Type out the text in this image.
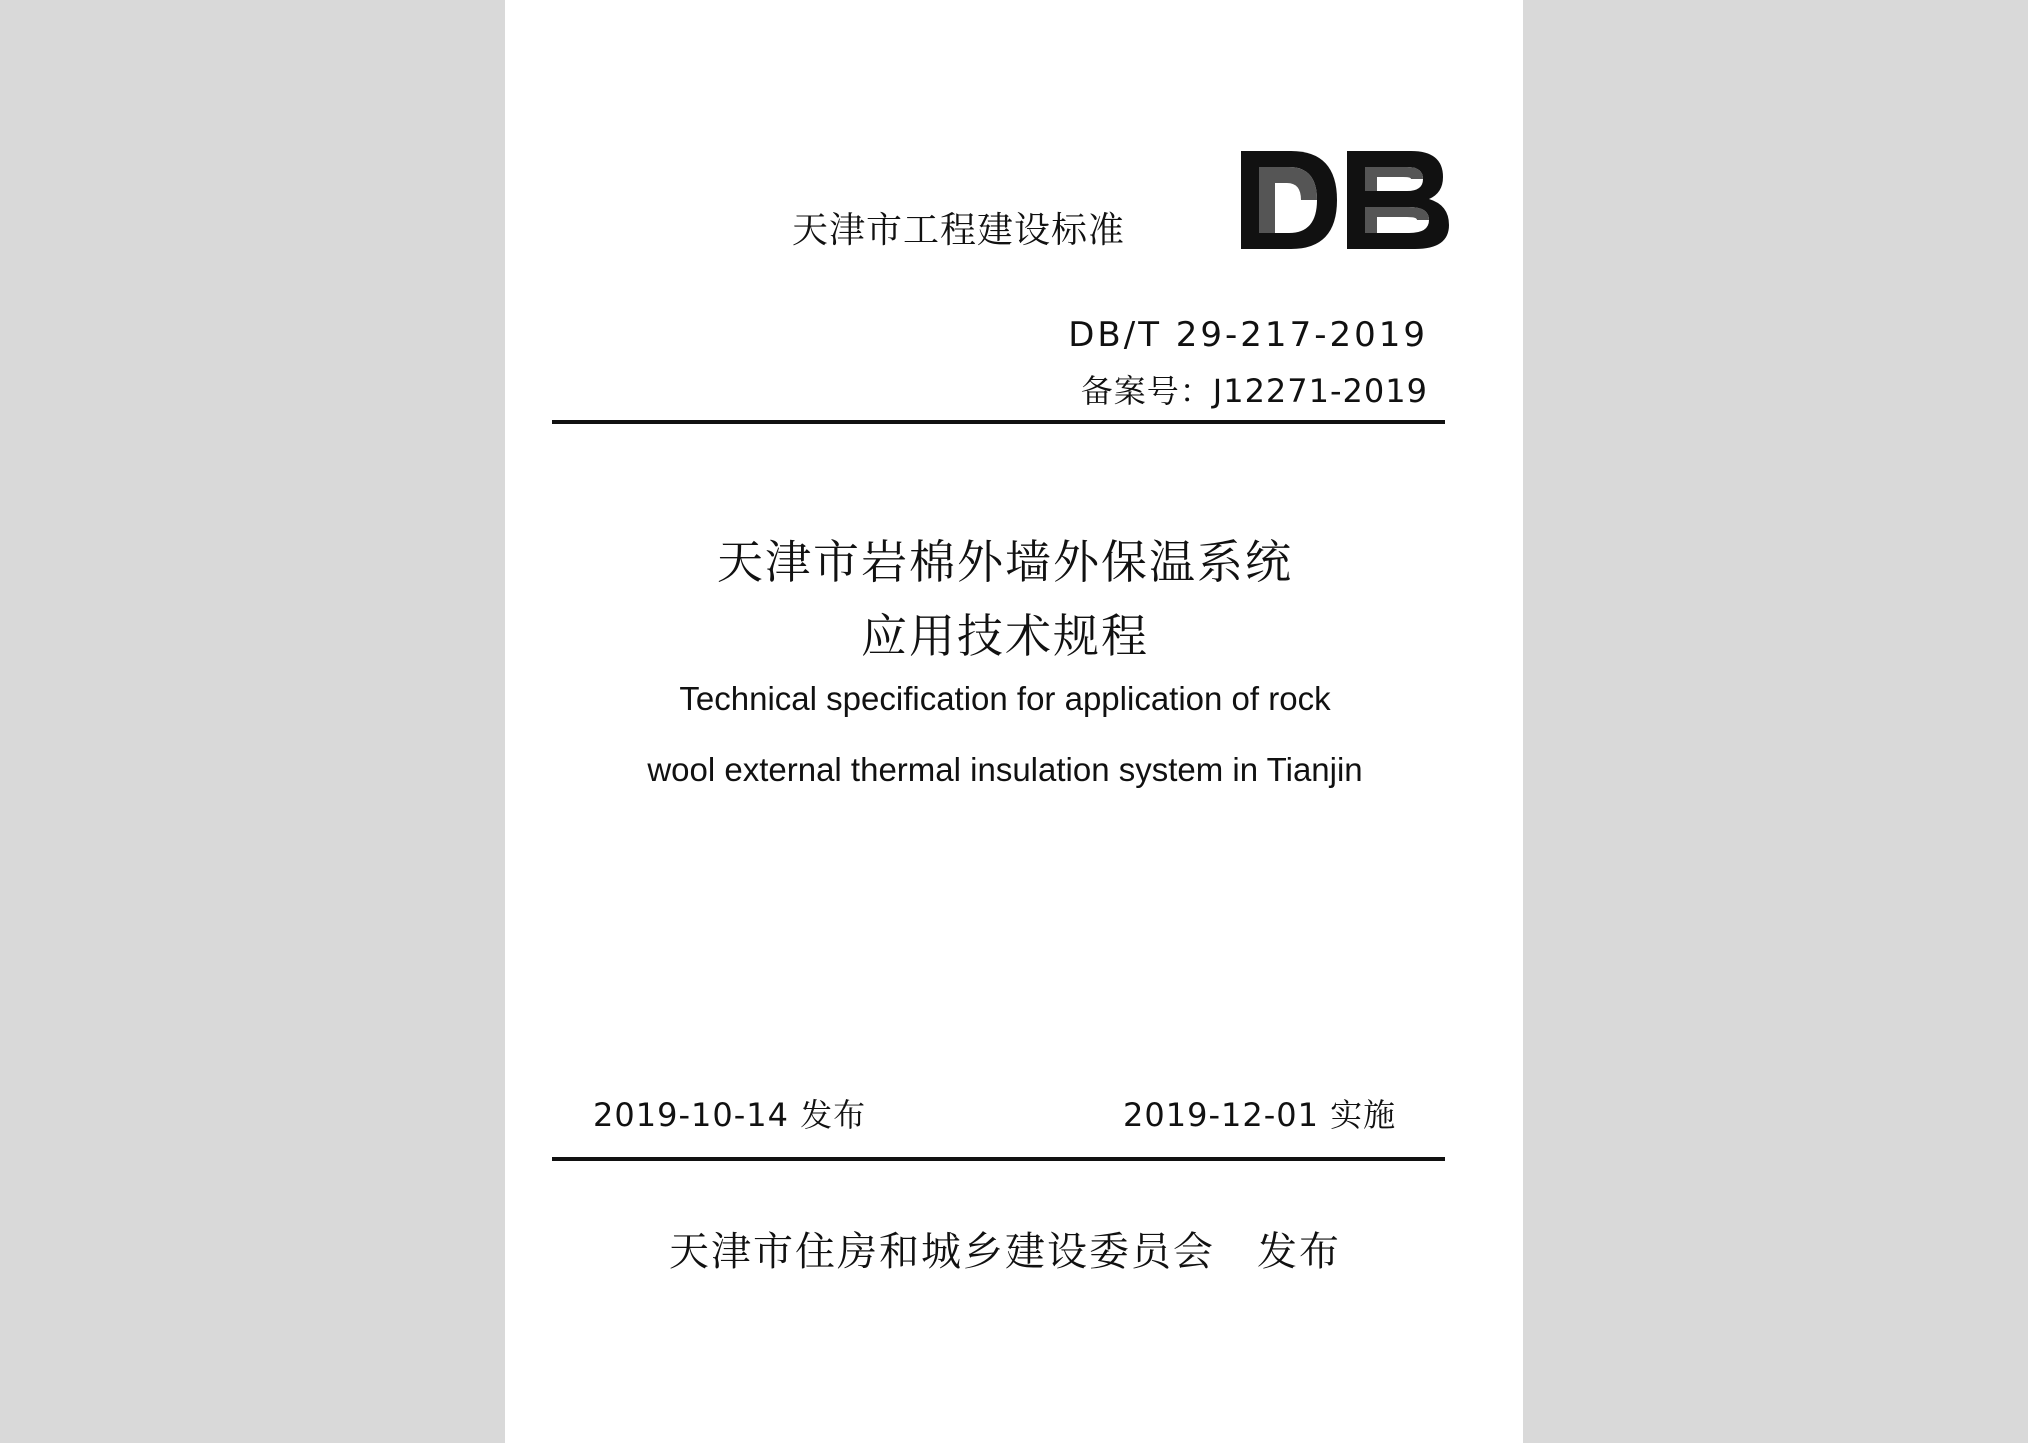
天津市工程建设标准
DB/T 29-217-2019
备案号：J12271-2019
天津市岩棉外墙外保温系统
应用技术规程
Technical specification for application of rock
wool external thermal insulation system in Tianjin
2019-10-14 发布	2019-12-01 实施
天津市住房和城乡建设委员会　发布
